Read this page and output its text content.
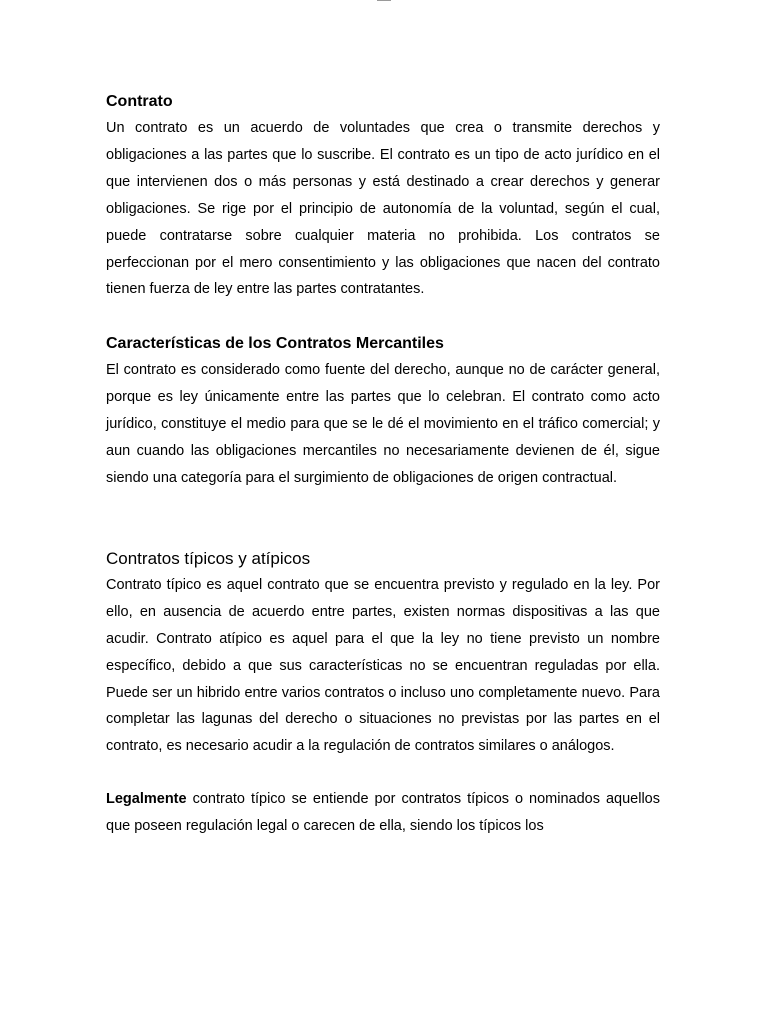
Contrato

Un contrato es un acuerdo de voluntades que crea o transmite derechos y obligaciones a las partes que lo suscribe. El contrato es un tipo de acto jurídico en el que intervienen dos o más personas y está destinado a crear derechos y generar obligaciones. Se rige por el principio de autonomía de la voluntad, según el cual, puede contratarse sobre cualquier materia no prohibida. Los contratos se perfeccionan por el mero consentimiento y las obligaciones que nacen del contrato tienen fuerza de ley entre las partes contratantes.

Características de los Contratos Mercantiles

El contrato es considerado como fuente del derecho, aunque no de carácter general, porque es ley únicamente entre las partes que lo celebran. El contrato como acto jurídico, constituye el medio para que se le dé el movimiento en el tráfico comercial; y aun cuando las obligaciones mercantiles no necesariamente devienen de él, sigue siendo una categoría para el surgimiento de obligaciones de origen contractual.

Contratos típicos y atípicos

Contrato típico es aquel contrato que se encuentra previsto y regulado en la ley. Por ello, en ausencia de acuerdo entre partes, existen normas dispositivas a las que acudir. Contrato atípico es aquel para el que la ley no tiene previsto un nombre específico, debido a que sus características no se encuentran reguladas por ella. Puede ser un hibrido entre varios contratos o incluso uno completamente nuevo. Para completar las lagunas del derecho o situaciones no previstas por las partes en el contrato, es necesario acudir a la regulación de contratos similares o análogos.

Legalmente contrato típico se entiende por contratos típicos o nominados aquellos que poseen regulación legal o carecen de ella, siendo los típicos los
